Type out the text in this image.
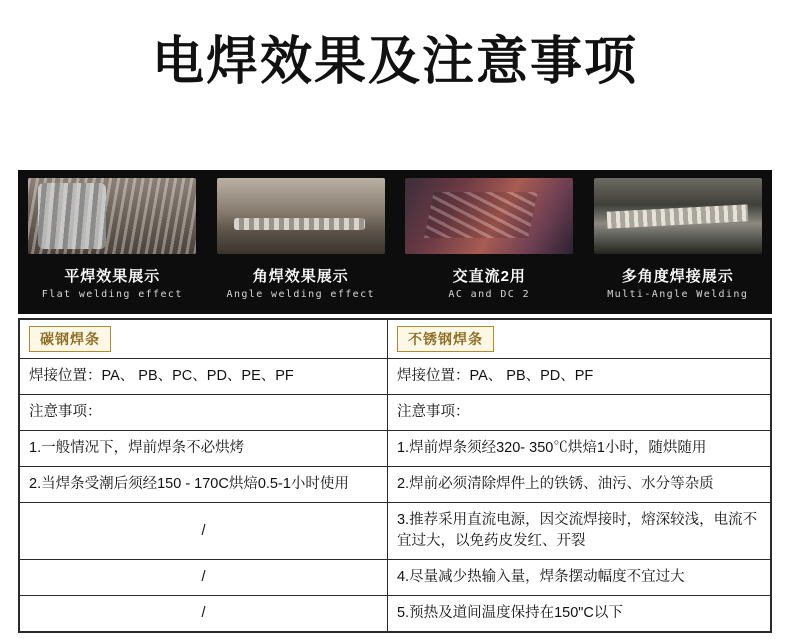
电焊效果及注意事项
平焊效果展示
Flat welding effect
角焊效果展示
Angle welding effect
交直流2用
AC and DC 2
多角度焊接展示
Multi-Angle Welding
碳钢焊条	不锈钢焊条
焊接位置：PA、 PB、PC、PD、PE、PF	焊接位置：PA、 PB、PD、PF
注意事项：	注意事项：
1.一般情况下，焊前焊条不必烘烤	1.焊前焊条须经320- 350℃烘焙1小时，随烘随用
2.当焊条受潮后须经150 - 170C烘焙0.5-1小时使用	2.焊前必须清除焊件上的铁锈、油污、水分等杂质
/	3.推荐采用直流电源，因交流焊接时，熔深较浅，电流不宜过大，以免药皮发红、开裂
/	4.尽量减少热输入量，焊条摆动幅度不宜过大
/	5.预热及道间温度保持在150"C以下
